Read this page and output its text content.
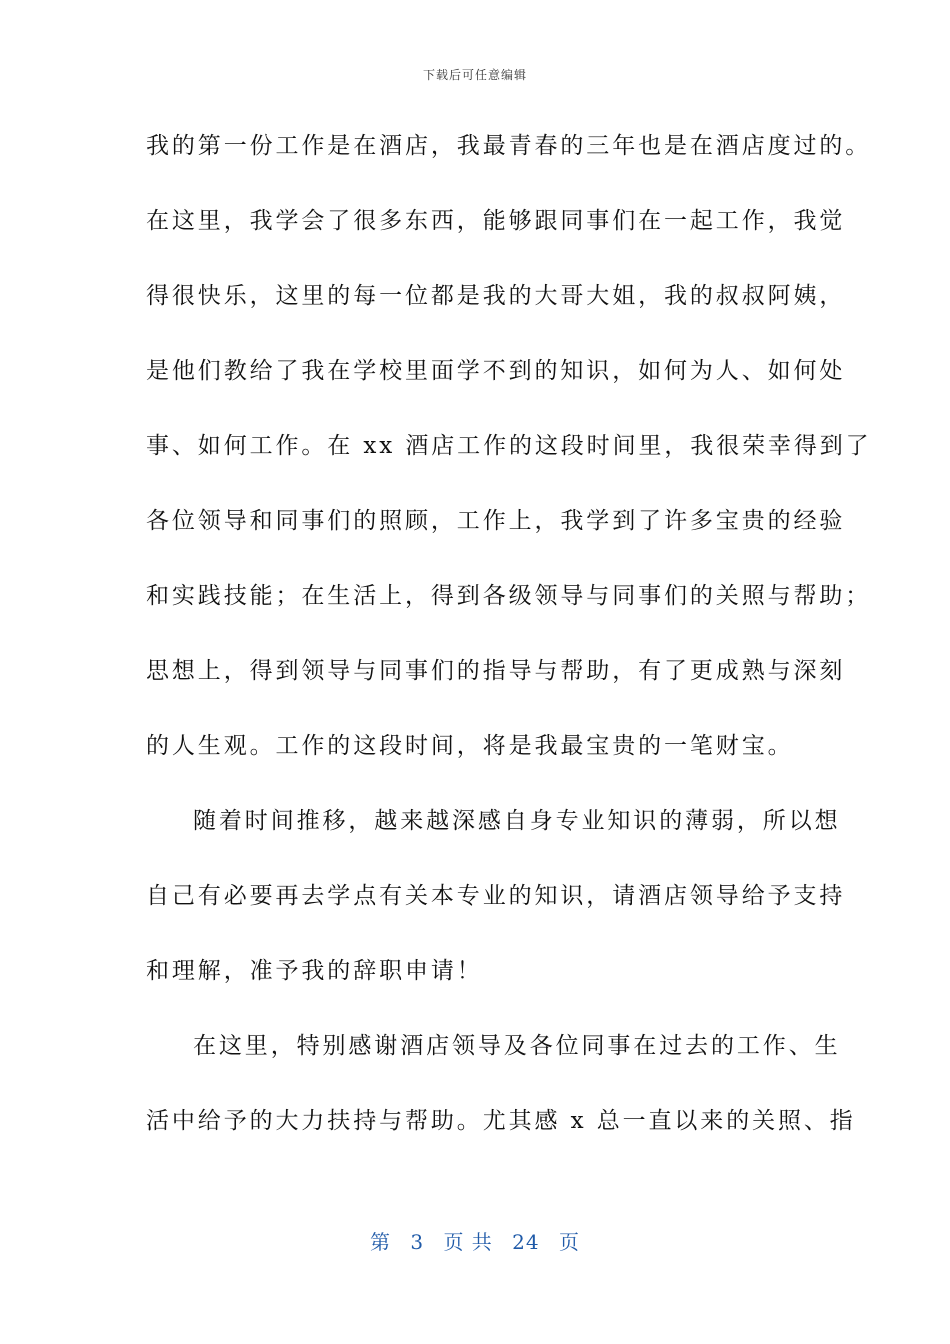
下载后可任意编辑
我的第一份工作是在酒店，我最青春的三年也是在酒店度过的。
在这里，我学会了很多东西，能够跟同事们在一起工作，我觉
得很快乐，这里的每一位都是我的大哥大姐，我的叔叔阿姨，
是他们教给了我在学校里面学不到的知识，如何为人、如何处
事、如何工作。在 xx 酒店工作的这段时间里，我很荣幸得到了
各位领导和同事们的照顾，工作上，我学到了许多宝贵的经验
和实践技能；在生活上，得到各级领导与同事们的关照与帮助；
思想上，得到领导与同事们的指导与帮助，有了更成熟与深刻
的人生观。工作的这段时间，将是我最宝贵的一笔财宝。
随着时间推移，越来越深感自身专业知识的薄弱，所以想
自己有必要再去学点有关本专业的知识，请酒店领导给予支持
和理解，准予我的辞职申请！
在这里，特别感谢酒店领导及各位同事在过去的工作、生
活中给予的大力扶持与帮助。尤其感 x 总一直以来的关照、指
第 3 页 共 24 页
